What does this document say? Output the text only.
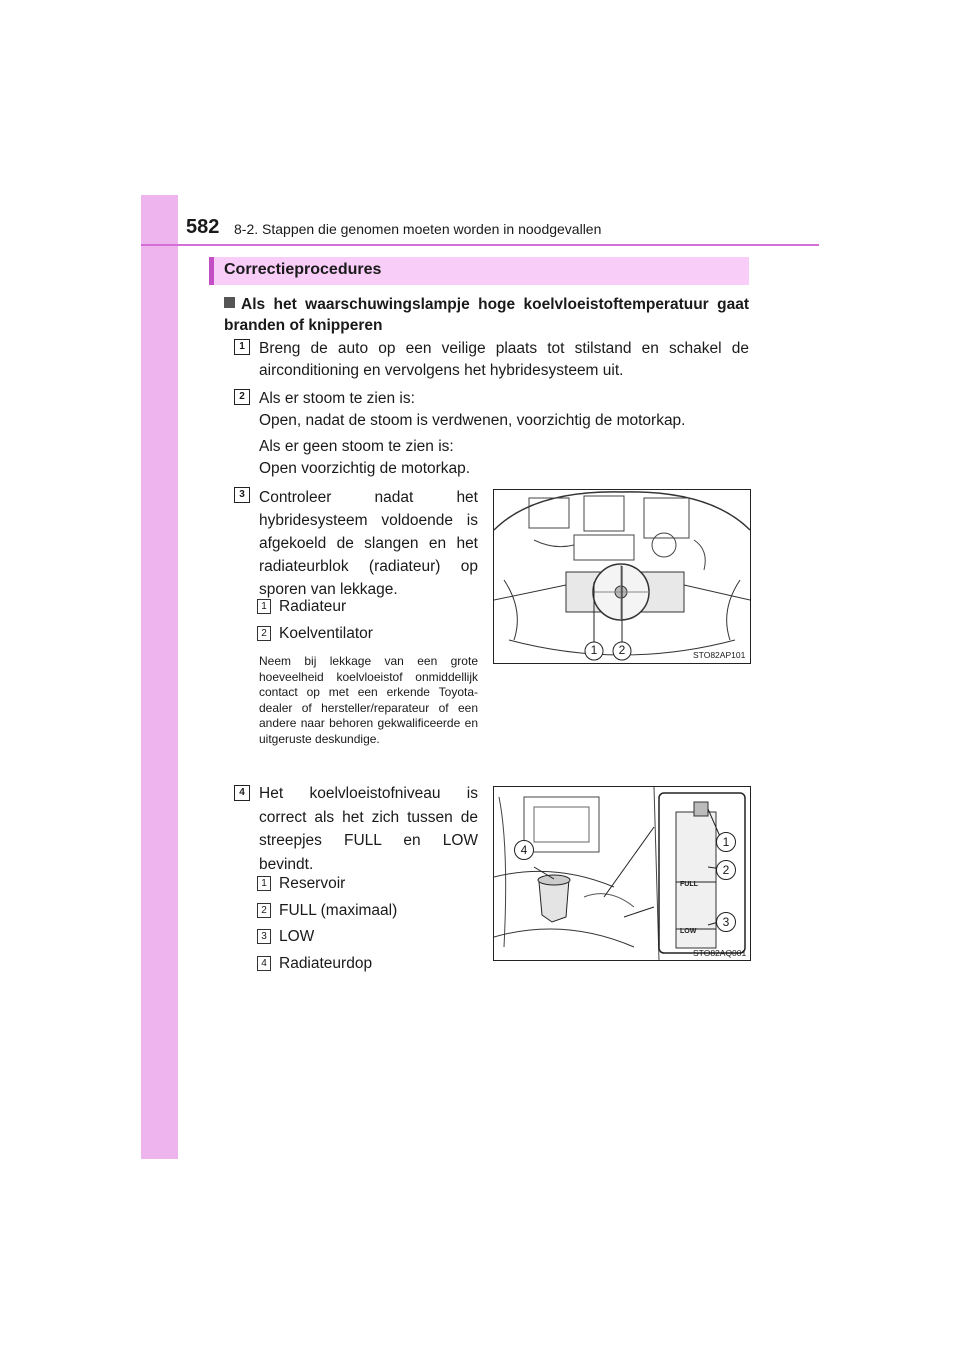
582 8-2. Stappen die genomen moeten worden in noodgevallen
Correctieprocedures
Als het waarschuwingslampje hoge koelvloeistoftemperatuur gaat branden of knipperen
1 Breng de auto op een veilige plaats tot stilstand en schakel de airconditioning en vervolgens het hybridesysteem uit.
2 Als er stoom te zien is:
Open, nadat de stoom is verdwenen, voorzichtig de motorkap.
Als er geen stoom te zien is:
Open voorzichtig de motorkap.
3 Controleer nadat het hybridesysteem voldoende is afgekoeld de slangen en het radiateurblok (radiateur) op sporen van lekkage.
1 Radiateur
2 Koelventilator
Neem bij lekkage van een grote hoeveelheid koelvloeistof onmiddellijk contact op met een erkende Toyota-dealer of hersteller/reparateur of een andere naar behoren gekwalificeerde en uitgeruste deskundige.
1	2	STO82AP101
4 Het koelvloeistofniveau is correct als het zich tussen de streepjes FULL en LOW bevindt.
1 Reservoir
2 FULL (maximaal)
3 LOW
4 Radiateurdop
FULL
LOW
1
2
3
4
STO82AQ001
